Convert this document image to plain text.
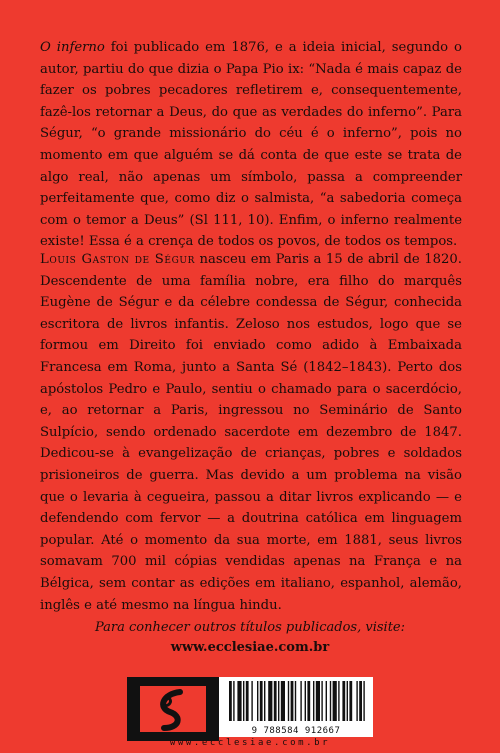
O inferno foi publicado em 1876, e a ideia inicial, segundo o autor, partiu do que dizia o Papa Pio ix: “Nada é mais capaz de fazer os pobres pecadores refletirem e, consequentemente, fazê-los retornar a Deus, do que as verdades do inferno”. Para Ségur, “o grande missionário do céu é o inferno”, pois no momento em que alguém se dá conta de que este se trata de algo real, não apenas um símbolo, passa a compreender perfeitamente que, como diz o salmista, “a sabedoria começa com o temor a Deus” (Sl 111, 10). Enfim, o inferno realmente existe! Essa é a crença de todos os povos, de todos os tempos.

Louis Gaston de Ségur nasceu em Paris a 15 de abril de 1820. Descendente de uma família nobre, era filho do marquês Eugène de Ségur e da célebre condessa de Ségur, conhecida escritora de livros infantis. Zeloso nos estudos, logo que se formou em Direito foi enviado como adido à Embaixada Francesa em Roma, junto a Santa Sé (1842–1843). Perto dos apóstolos Pedro e Paulo, sentiu o chamado para o sacerdócio, e, ao retornar a Paris, ingressou no Seminário de Santo Sulpício, sendo ordenado sacerdote em dezembro de 1847. Dedicou-se à evangelização de crianças, pobres e soldados prisioneiros de guerra. Mas devido a um problema na visão que o levaria à cegueira, passou a ditar livros explicando — e defendendo com fervor — a doutrina católica em linguagem popular. Até o momento da sua morte, em 1881, seus livros somavam 700 mil cópias vendidas apenas na França e na Bélgica, sem contar as edições em italiano, espanhol, alemão, inglês e até mesmo na língua hindu.

Para conhecer outros títulos publicados, visite:
www.ecclesiae.com.br
9 788584 912667
www.ecclesiae.com.br
